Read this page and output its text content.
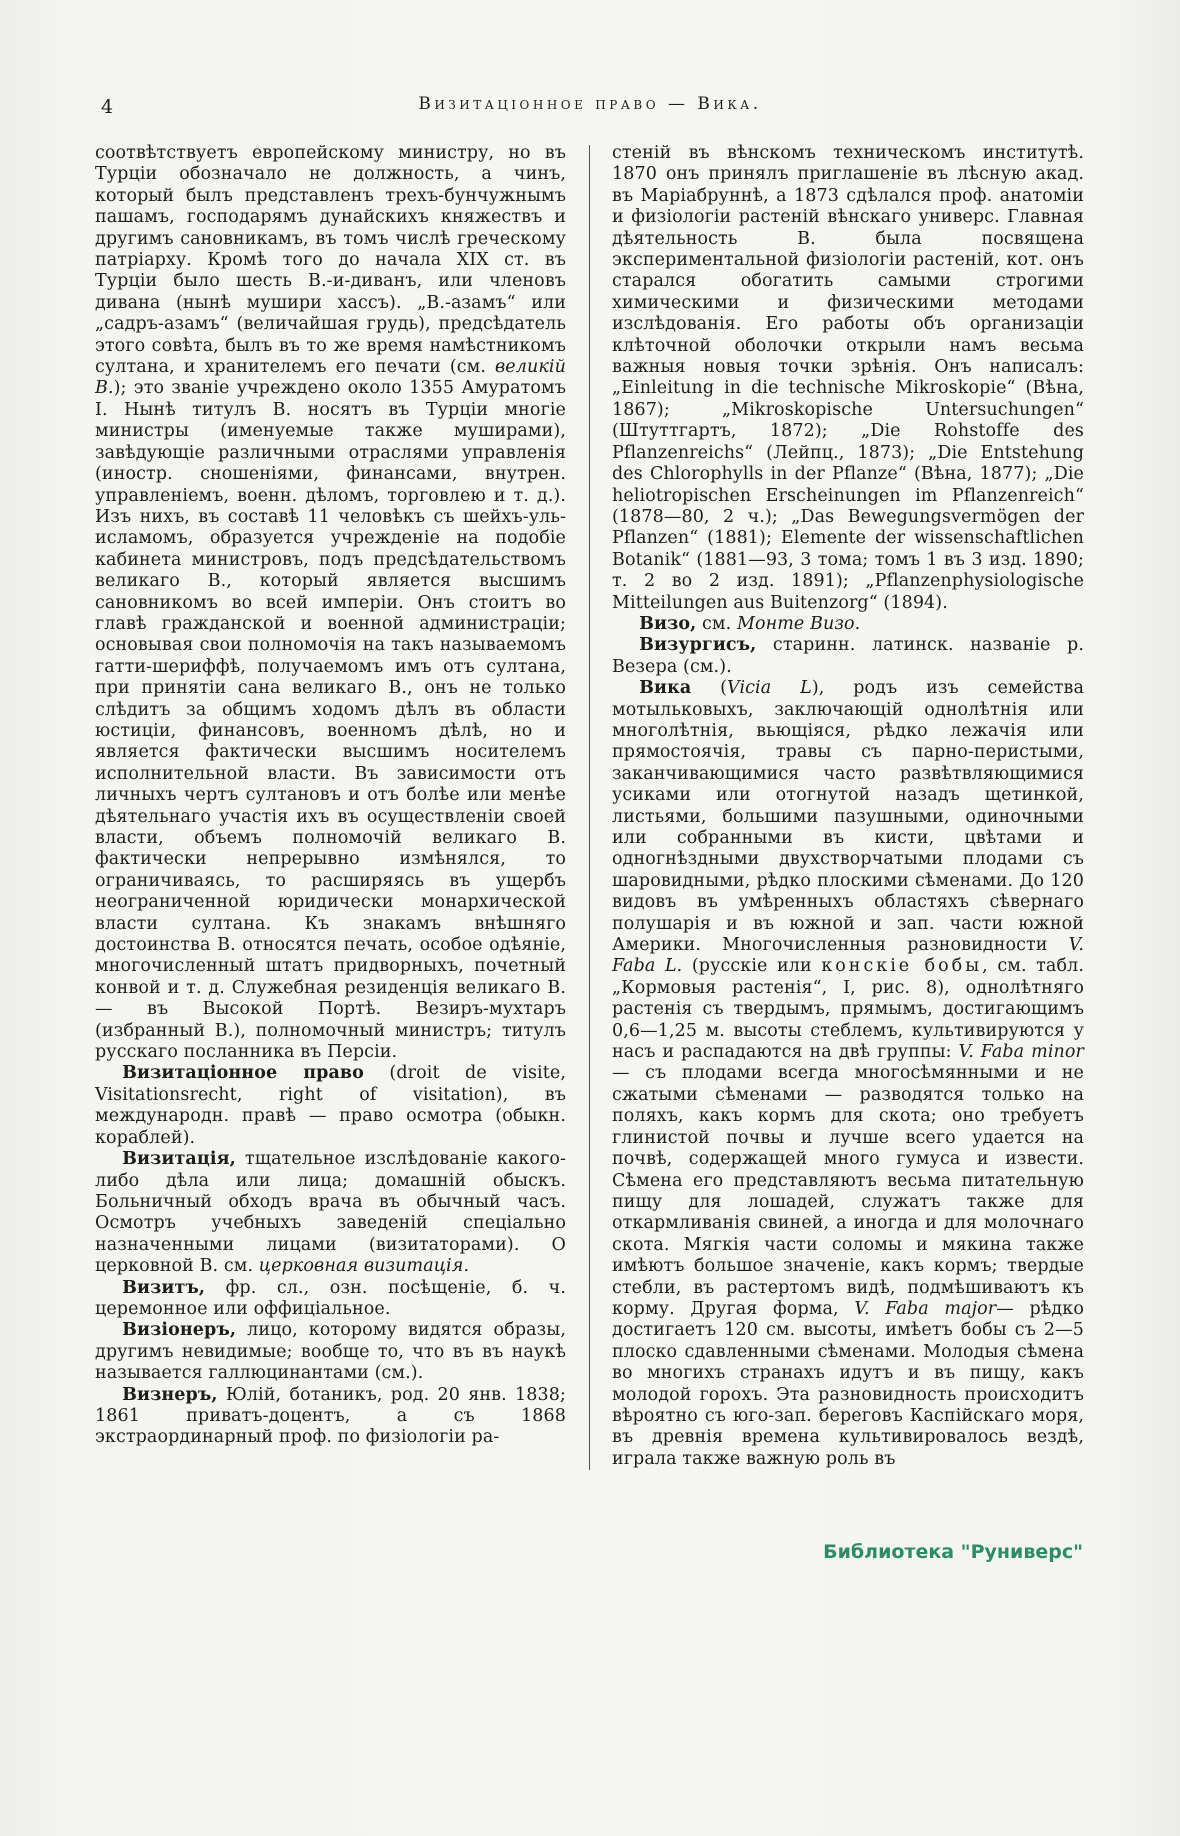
4	Визитаціонное право — Вика.

соотвѣтствуетъ европейскому министру, но въ Турціи обозначало не должность, а чинъ, который былъ представленъ трехъ-бунчужнымъ пашамъ, господарямъ дунайскихъ княжествъ и другимъ сановникамъ, въ томъ числѣ греческому патріарху. Кромѣ того до начала XIX ст. въ Турціи было шесть В.-и-диванъ, или членовъ дивана (нынѣ мушири хассъ). „В.-азамъ“ или „садръ-азамъ“ (величайшая грудь), предсѣдатель этого совѣта, былъ въ то же время намѣстникомъ султана, и хранителемъ его печати (см. великій В.); это званіе учреждено около 1355 Амуратомъ I. Нынѣ титулъ В. носятъ въ Турціи многіе министры (именуемые также муширами), завѣдующіе различными отраслями управленія (иностр. сношеніями, финансами, внутрен. управленіемъ, военн. дѣломъ, торговлею и т. д.). Изъ нихъ, въ составѣ 11 человѣкъ съ шейхъ-уль-исламомъ, образуется учрежденіе на подобіе кабинета министровъ, подъ предсѣдательствомъ великаго В., который является высшимъ сановникомъ во всей имперіи. Онъ стоитъ во главѣ гражданской и военной администраціи; основывая свои полномочія на такъ называемомъ гатти-шериффѣ, получаемомъ имъ отъ султана, при принятіи сана великаго В., онъ не только слѣдитъ за общимъ ходомъ дѣлъ въ области юстиціи, финансовъ, военномъ дѣлѣ, но и является фактически высшимъ носителемъ исполнительной власти. Въ зависимости отъ личныхъ чертъ султановъ и отъ болѣе или менѣе дѣятельнаго участія ихъ въ осуществленіи своей власти, объемъ полномочій великаго В. фактически непрерывно измѣнялся, то ограничиваясь, то расширяясь въ ущербъ неограниченной юридически монархической власти султана. Къ знакамъ внѣшняго достоинства В. относятся печать, особое одѣяніе, многочисленный штатъ придворныхъ, почетный конвой и т. д. Служебная резиденція великаго В. — въ Высокой Портѣ. Везиръ-мухтаръ (избранный В.), полномочный министръ; титулъ русскаго посланника въ Персіи.

Визитаціонное право (droit de visite, Visitationsrecht, right of visitation), въ международн. правѣ — право осмотра (обыкн. кораблей).

Визитація, тщательное изслѣдованіе какого-либо дѣла или лица; домашній обыскъ. Больничный обходъ врача въ обычный часъ. Осмотръ учебныхъ заведеній спеціально назначенными лицами (визитаторами). О церковной В. см. церковная визитація.

Визитъ, фр. сл., озн. посѣщеніе, б. ч. церемонное или оффиціальное.

Визіонеръ, лицо, которому видятся образы, другимъ невидимые; вообще то, что въ въ наукѣ называется галлюцинантами (см.).

Визнеръ, Юлій, ботаникъ, род. 20 янв. 1838; 1861 приватъ-доцентъ, а съ 1868 экстраординарный проф. по физіологіи ра-

стеній въ вѣнскомъ техническомъ институтѣ. 1870 онъ принялъ приглашеніе въ лѣсную акад. въ Маріабруннѣ, а 1873 сдѣлался проф. анатоміи и физіологіи растеній вѣнскаго универс. Главная дѣятельность В. была посвящена экспериментальной физіологіи растеній, кот. онъ старался обогатить самыми строгими химическими и физическими методами изслѣдованія. Его работы объ организаціи клѣточной оболочки открыли намъ весьма важныя новыя точки зрѣнія. Онъ написалъ: „Einleitung in die technische Mikroskopie“ (Вѣна, 1867); „Mikroskopische Untersuchungen“ (Штуттгартъ, 1872); „Die Rohstoffe des Pflanzenreichs“ (Лейпц., 1873); „Die Entstehung des Chlorophylls in der Pflanze“ (Вѣна, 1877); „Die heliotropischen Erscheinungen im Pflanzenreich“ (1878—80, 2 ч.); „Das Bewegungsvermögen der Pflanzen“ (1881); Elemente der wissenschaftlichen Botanik“ (1881—93, 3 тома; томъ 1 въ 3 изд. 1890; т. 2 во 2 изд. 1891); „Pflanzenphysiologische Mitteilungen aus Buitenzorg“ (1894).

Визо, см. Монте Визо.

Визургисъ, старинн. латинск. названіе р. Везера (см.).

Вика (Vicia L), родъ изъ семейства мотыльковыхъ, заключающій однолѣтнія или многолѣтнія, вьющіяся, рѣдко лежачія или прямостоячія, травы съ парно-перистыми, заканчивающимися часто развѣтвляющимися усиками или отогнутой назадъ щетинкой, листьями, большими пазушными, одиночными или собранными въ кисти, цвѣтами и одногнѣздными двухстворчатыми плодами съ шаровидными, рѣдко плоскими сѣменами. До 120 видовъ въ умѣренныхъ областяхъ сѣвернаго полушарія и въ южной и зап. части южной Америки. Многочисленныя разновидности V. Faba L. (русскіе или конскіе бобы, см. табл. „Кормовыя растенія“, I, рис. 8), однолѣтняго растенія съ твердымъ, прямымъ, достигающимъ 0,6—1,25 м. высоты стеблемъ, культивируются у насъ и распадаются на двѣ группы: V. Faba minor — съ плодами всегда многосѣмянными и не сжатыми сѣменами — разводятся только на поляхъ, какъ кормъ для скота; оно требуетъ глинистой почвы и лучше всего удается на почвѣ, содержащей много гумуса и извести. Сѣмена его представляютъ весьма питательную пищу для лошадей, служатъ также для откармливанія свиней, а иногда и для молочнаго скота. Мягкія части соломы и мякина также имѣютъ большое значеніе, какъ кормъ; твердые стебли, въ растертомъ видѣ, подмѣшиваютъ къ корму. Другая форма, V. Faba major— рѣдко достигаетъ 120 см. высоты, имѣетъ бобы съ 2—5 плоско сдавленными сѣменами. Молодыя сѣмена во многихъ странахъ идутъ и въ пищу, какъ молодой горохъ. Эта разновидность происходитъ вѣроятно съ юго-зап. береговъ Каспійскаго моря, въ древнія времена культивировалось вездѣ, играла также важную роль въ

Библиотека "Руниверс"
